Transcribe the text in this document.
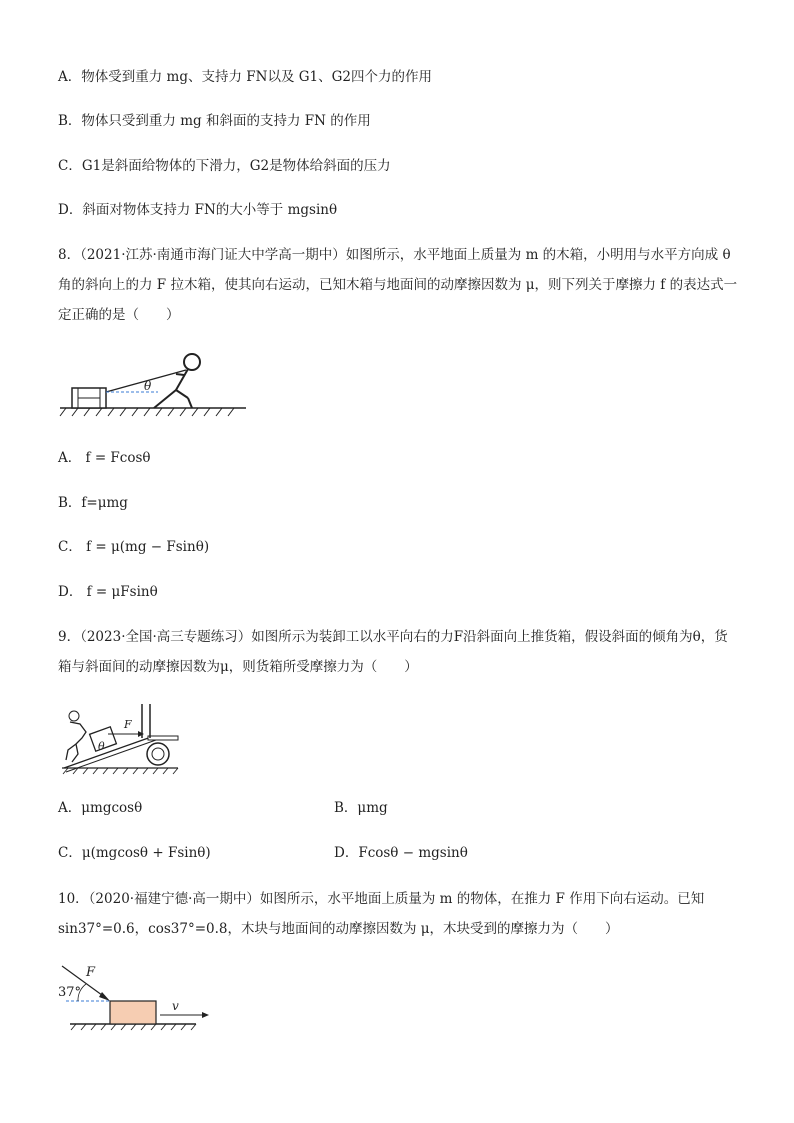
A．物体受到重力 mg、支持力 FN以及 G1、G2四个力的作用
B．物体只受到重力 mg 和斜面的支持力 FN 的作用
C．G1是斜面给物体的下滑力，G2是物体给斜面的压力
D．斜面对物体支持力 FN的大小等于 mgsinθ
8．（2021·江苏·南通市海门证大中学高一期中）如图所示，水平地面上质量为 m 的木箱，小明用与水平方向成 θ 角的斜向上的力 F 拉木箱，使其向右运动，已知木箱与地面间的动摩擦因数为 μ，则下列关于摩擦力 f 的表达式一定正确的是（　　）
θ
A． f = Fcosθ
B．f=μmg
C． f = μ(mg − Fsinθ)
D． f = μFsinθ
9．（2023·全国·高三专题练习）如图所示为装卸工以水平向右的力F沿斜面向上推货箱，假设斜面的倾角为θ，货箱与斜面间的动摩擦因数为μ，则货箱所受摩擦力为（　　）
F
θ
A．μmgcosθ	B．μmg
C．μ(mgcosθ + Fsinθ)	D．Fcosθ − mgsinθ
10．（2020·福建宁德·高一期中）如图所示，水平地面上质量为 m 的物体，在推力 F 作用下向右运动。已知 sin37°=0.6，cos37°=0.8，木块与地面间的动摩擦因数为 μ，木块受到的摩擦力为（　　）
F
37°
v
